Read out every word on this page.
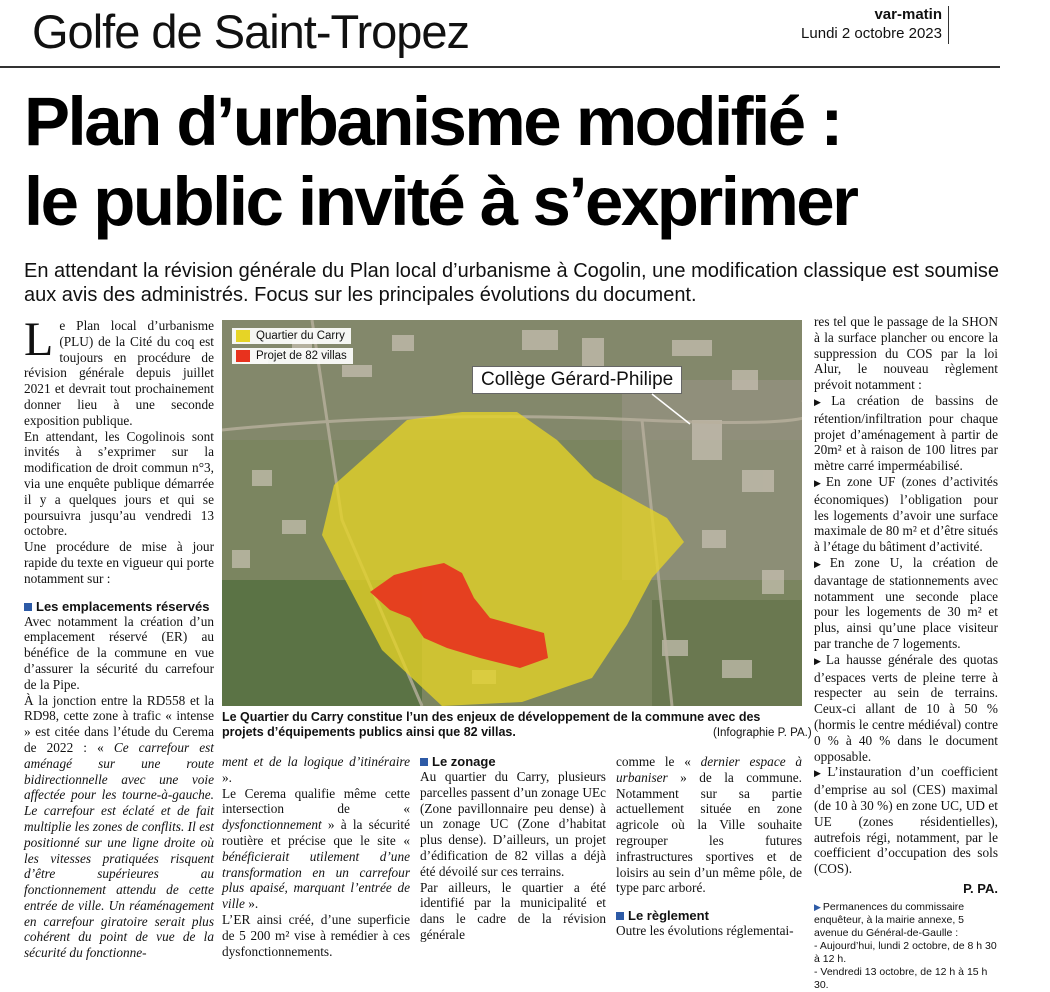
Golfe de Saint-Tropez	var-matin
Lundi 2 octobre 2023
Plan d’urbanisme modifié :
le public invité à s’exprimer
En attendant la révision générale du Plan local d’urbanisme à Cogolin, une modification classique est soumise aux avis des administrés. Focus sur les principales évolutions du document.

Le Plan local d’urbanisme (PLU) de la Cité du coq est toujours en procédure de révision générale depuis juillet 2021 et devrait tout prochainement donner lieu à une seconde exposition publique.

En attendant, les Cogolinois sont invités à s’exprimer sur la modification de droit commun n°3, via une enquête publique démarrée il y a quelques jours et qui se poursuivra jusqu’au vendredi 13 octobre.

Une procédure de mise à jour rapide du texte en vigueur qui porte notamment sur :

Les emplacements réservés

Avec notamment la création d’un emplacement réservé (ER) au bénéfice de la commune en vue d’assurer la sécurité du carrefour de la Pipe.

À la jonction entre la RD558 et la RD98, cette zone à trafic « intense » est citée dans l’étude du Cerema de 2022 : « Ce carrefour est aménagé sur une route bidirectionnelle avec une voie affectée pour les tourne-à-gauche. Le carrefour est éclaté et de fait multiplie les zones de conflits. Il est positionné sur une ligne droite où les vitesses pratiquées risquent d’être supérieures au fonctionnement attendu de cette entrée de ville. Un réaménagement en carrefour giratoire serait plus cohérent du point de vue de la sécurité du fonctionne-

Quartier du Carry
Projet de 82 villas
Collège Gérard-Philipe
Le Quartier du Carry constitue l’un des enjeux de développement de la commune avec des projets d’équipements publics ainsi que 82 villas.	(Infographie P. PA.)

ment et de la logique d’itinéraire ».

Le Cerema qualifie même cette intersection de « dysfonctionnement » à la sécurité routière et précise que le site « bénéficierait utilement d’une transformation en un carrefour plus apaisé, marquant l’entrée de ville ».

L’ER ainsi créé, d’une superficie de 5 200 m² vise à remédier à ces dysfonctionnements.

Le zonage

Au quartier du Carry, plusieurs parcelles passent d’un zonage UEc (Zone pavillonnaire peu dense) à un zonage UC (Zone d’habitat plus dense). D’ailleurs, un projet d’édification de 82 villas a déjà été dévoilé sur ces terrains.

Par ailleurs, le quartier a été identifié par la municipalité et dans le cadre de la révision générale

comme le « dernier espace à urbaniser » de la commune. Notamment sur sa partie actuellement située en zone agricole où la Ville souhaite regrouper les futures infrastructures sportives et de loisirs au sein d’un même pôle, de type parc arboré.

Le règlement

Outre les évolutions réglementai-

res tel que le passage de la SHON à la surface plancher ou encore la suppression du COS par la loi Alur, le nouveau règlement prévoit notamment :

▶ La création de bassins de rétention/infiltration pour chaque projet d’aménagement à partir de 20m² et à raison de 100 litres par mètre carré imperméabilisé.

▶ En zone UF (zones d’activités économiques) l’obligation pour les logements d’avoir une surface maximale de 80 m² et d’être situés à l’étage du bâtiment d’activité.

▶ En zone U, la création de davantage de stationnements avec notamment une seconde place pour les logements de 30 m² et plus, ainsi qu’une place visiteur par tranche de 7 logements.

▶ La hausse générale des quotas d’espaces verts de pleine terre à respecter au sein de terrains. Ceux-ci allant de 10 à 50 % (hormis le centre médiéval) contre 0 % à 40 % dans le document opposable.

▶ L’instauration d’un coefficient d’emprise au sol (CES) maximal (de 10 à 30 %) en zone UC, UD et UE (zones résidentielles), autrefois régi, notamment, par le coefficient d’occupation des sols (COS).

P. PA.
▶ Permanences du commissaire enquêteur, à la mairie annexe, 5 avenue du Général-de-Gaulle :
- Aujourd’hui, lundi 2 octobre, de 8 h 30 à 12 h.
- Vendredi 13 octobre, de 12 h à 15 h 30.
